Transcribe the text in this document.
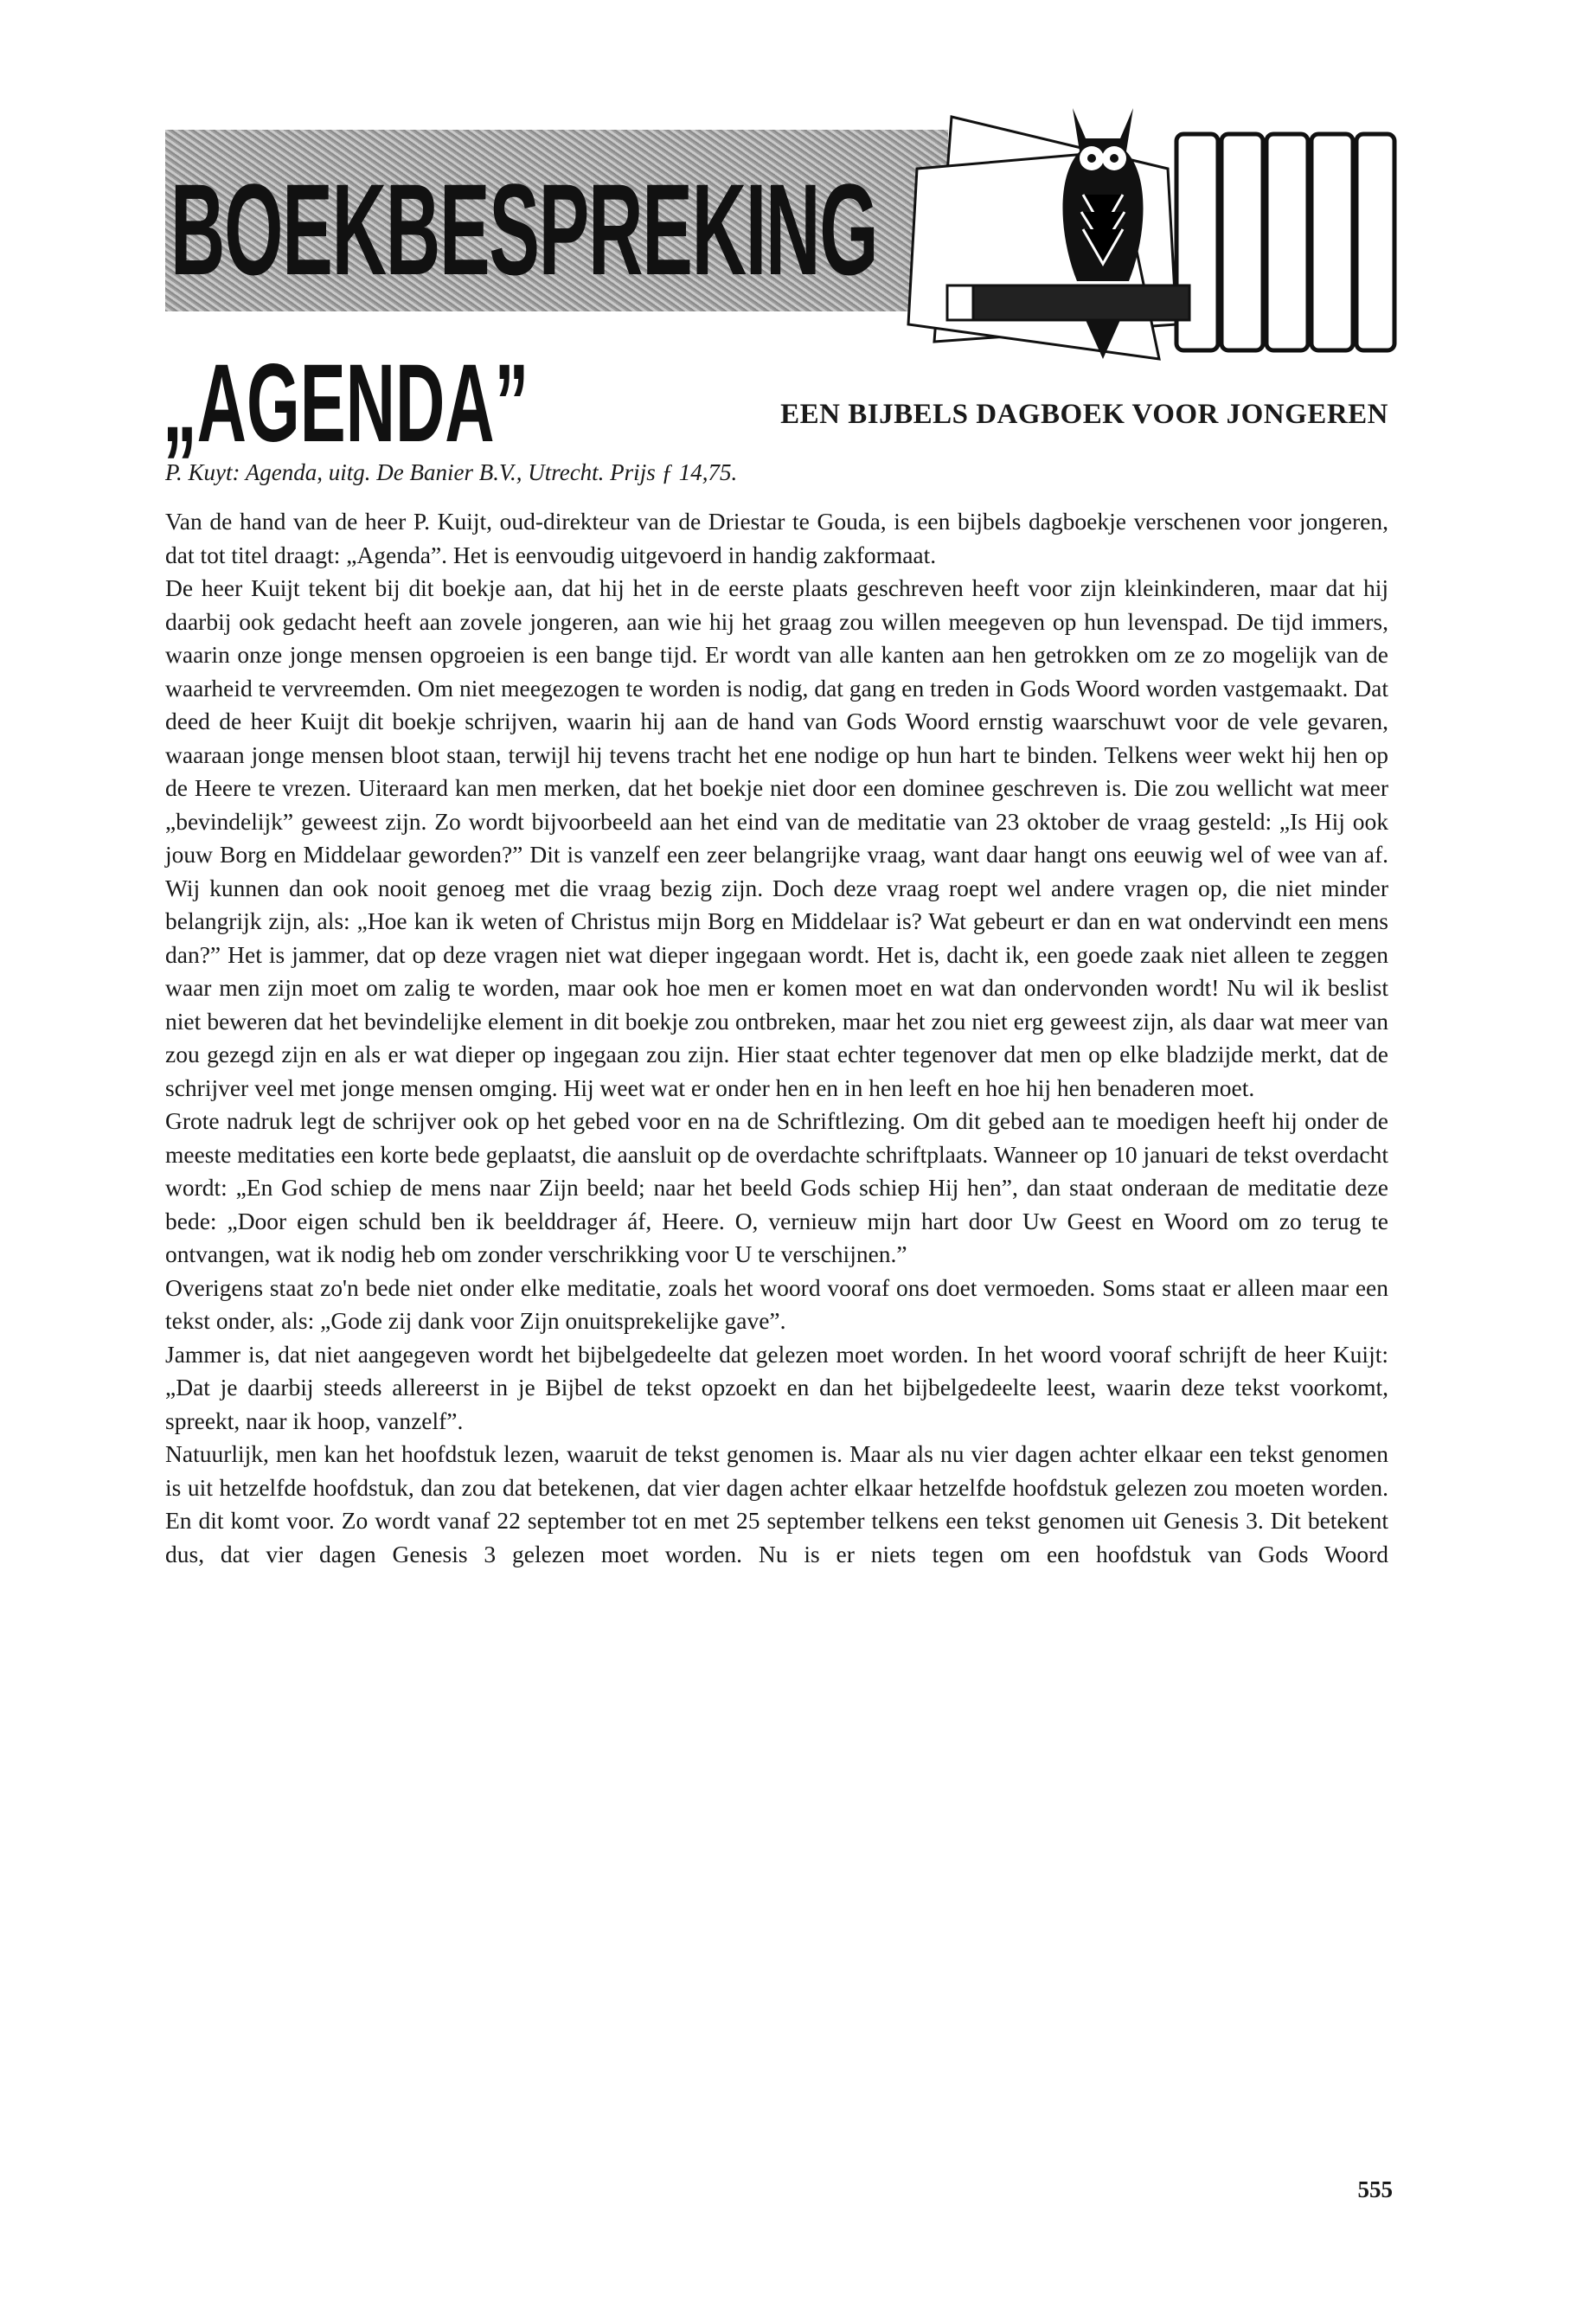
BOEKBESPREKING
„AGENDA”	EEN BIJBELS DAGBOEK VOOR JONGEREN
P. Kuyt: Agenda, uitg. De Banier B.V., Utrecht. Prijs ƒ 14,75.

Van de hand van de heer P. Kuijt, oud-direkteur van de Driestar te Gouda, is een bijbels dagboekje verschenen voor jongeren, dat tot titel draagt: „Agenda”. Het is eenvoudig uitgevoerd in handig zakformaat.

De heer Kuijt tekent bij dit boekje aan, dat hij het in de eerste plaats geschreven heeft voor zijn kleinkinderen, maar dat hij daarbij ook gedacht heeft aan zovele jongeren, aan wie hij het graag zou willen meegeven op hun levenspad. De tijd immers, waarin onze jonge mensen opgroeien is een bange tijd. Er wordt van alle kanten aan hen getrokken om ze zo mogelijk van de waarheid te vervreemden. Om niet meegezogen te worden is nodig, dat gang en treden in Gods Woord worden vastgemaakt. Dat deed de heer Kuijt dit boekje schrijven, waarin hij aan de hand van Gods Woord ernstig waarschuwt voor de vele gevaren, waaraan jonge mensen bloot staan, terwijl hij tevens tracht het ene nodige op hun hart te binden. Telkens weer wekt hij hen op de Heere te vrezen. Uiteraard kan men merken, dat het boekje niet door een dominee geschreven is. Die zou wellicht wat meer „bevindelijk” geweest zijn. Zo wordt bijvoorbeeld aan het eind van de meditatie van 23 oktober de vraag gesteld: „Is Hij ook jouw Borg en Middelaar geworden?” Dit is vanzelf een zeer belangrijke vraag, want daar hangt ons eeuwig wel of wee van af. Wij kunnen dan ook nooit genoeg met die vraag bezig zijn. Doch deze vraag roept wel andere vragen op, die niet minder belangrijk zijn, als: „Hoe kan ik weten of Christus mijn Borg en Middelaar is? Wat gebeurt er dan en wat ondervindt een mens dan?” Het is jammer, dat op deze vragen niet wat dieper ingegaan wordt. Het is, dacht ik, een goede zaak niet alleen te zeggen waar men zijn moet om zalig te worden, maar ook hoe men er komen moet en wat dan ondervonden wordt! Nu wil ik beslist niet beweren dat het bevindelijke element in dit boekje zou ontbreken, maar het zou niet erg geweest zijn, als daar wat meer van zou gezegd zijn en als er wat dieper op ingegaan zou zijn. Hier staat echter tegenover dat men op elke bladzijde merkt, dat de schrijver veel met jonge mensen omging. Hij weet wat er onder hen en in hen leeft en hoe hij hen benaderen moet.

Grote nadruk legt de schrijver ook op het gebed voor en na de Schriftlezing. Om dit gebed aan te moedigen heeft hij onder de meeste meditaties een korte bede geplaatst, die aansluit op de overdachte schriftplaats. Wanneer op 10 januari de tekst overdacht wordt: „En God schiep de mens naar Zijn beeld; naar het beeld Gods schiep Hij hen”, dan staat onderaan de meditatie deze bede: „Door eigen schuld ben ik beelddrager áf, Heere. O, vernieuw mijn hart door Uw Geest en Woord om zo terug te ontvangen, wat ik nodig heb om zonder verschrikking voor U te verschijnen.”

Overigens staat zo'n bede niet onder elke meditatie, zoals het woord vooraf ons doet vermoeden. Soms staat er alleen maar een tekst onder, als: „Gode zij dank voor Zijn onuitsprekelijke gave”.

Jammer is, dat niet aangegeven wordt het bijbelgedeelte dat gelezen moet worden. In het woord vooraf schrijft de heer Kuijt: „Dat je daarbij steeds allereerst in je Bijbel de tekst opzoekt en dan het bijbelgedeelte leest, waarin deze tekst voorkomt, spreekt, naar ik hoop, vanzelf”.

Natuurlijk, men kan het hoofdstuk lezen, waaruit de tekst genomen is. Maar als nu vier dagen achter elkaar een tekst genomen is uit hetzelfde hoofdstuk, dan zou dat betekenen, dat vier dagen achter elkaar hetzelfde hoofdstuk gelezen zou moeten worden. En dit komt voor. Zo wordt vanaf 22 september tot en met 25 september telkens een tekst genomen uit Genesis 3. Dit betekent dus, dat vier dagen Genesis 3 gelezen moet worden. Nu is er niets tegen om een hoofdstuk van Gods Woord

555
